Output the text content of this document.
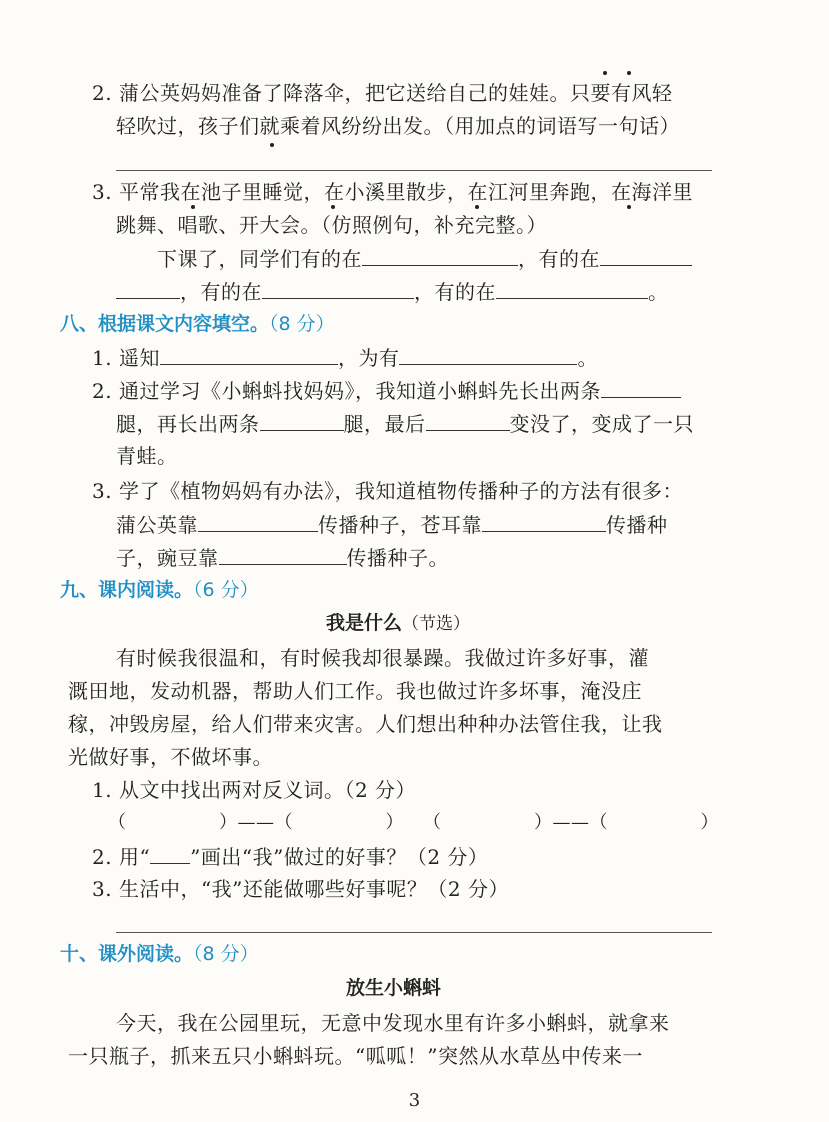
2. 蒲公英妈妈准备了降落伞，把它送给自己的娃娃。只要有风轻
轻吹过，孩子们就乘着风纷纷出发。（用加点的词语写一句话）
3. 平常我在池子里睡觉，在小溪里散步，在江河里奔跑，在海洋里
跳舞、唱歌、开大会。（仿照例句，补充完整。）
下课了，同学们有的在	，有的在
，有的在	，有的在	。
八、根据课文内容填空。（8 分）
1. 遥知	，为有	。
2. 通过学习《小蝌蚪找妈妈》，我知道小蝌蚪先长出两条
腿，再长出两条	腿，最后	变没了，变成了一只
青蛙。
3. 学了《植物妈妈有办法》，我知道植物传播种子的方法有很多：
蒲公英靠	传播种子，苍耳靠	传播种
子，豌豆靠	传播种子。
九、课内阅读。（6 分）
我是什么（节选）
有时候我很温和，有时候我却很暴躁。我做过许多好事，灌
溉田地，发动机器，帮助人们工作。我也做过许多坏事，淹没庄
稼，冲毁房屋，给人们带来灾害。人们想出种种办法管住我，让我
光做好事，不做坏事。
1. 从文中找出两对反义词。（2 分）
（　　　　　）——（　　　　　）　　（　　　　　）——（　　　　　）
2. 用“ ”画出“我”做过的好事？（2 分）
3. 生活中，“我”还能做哪些好事呢？（2 分）
十、课外阅读。（8 分）
放生小蝌蚪
今天，我在公园里玩，无意中发现水里有许多小蝌蚪，就拿来
一只瓶子，抓来五只小蝌蚪玩。“呱呱！”突然从水草丛中传来一
3
